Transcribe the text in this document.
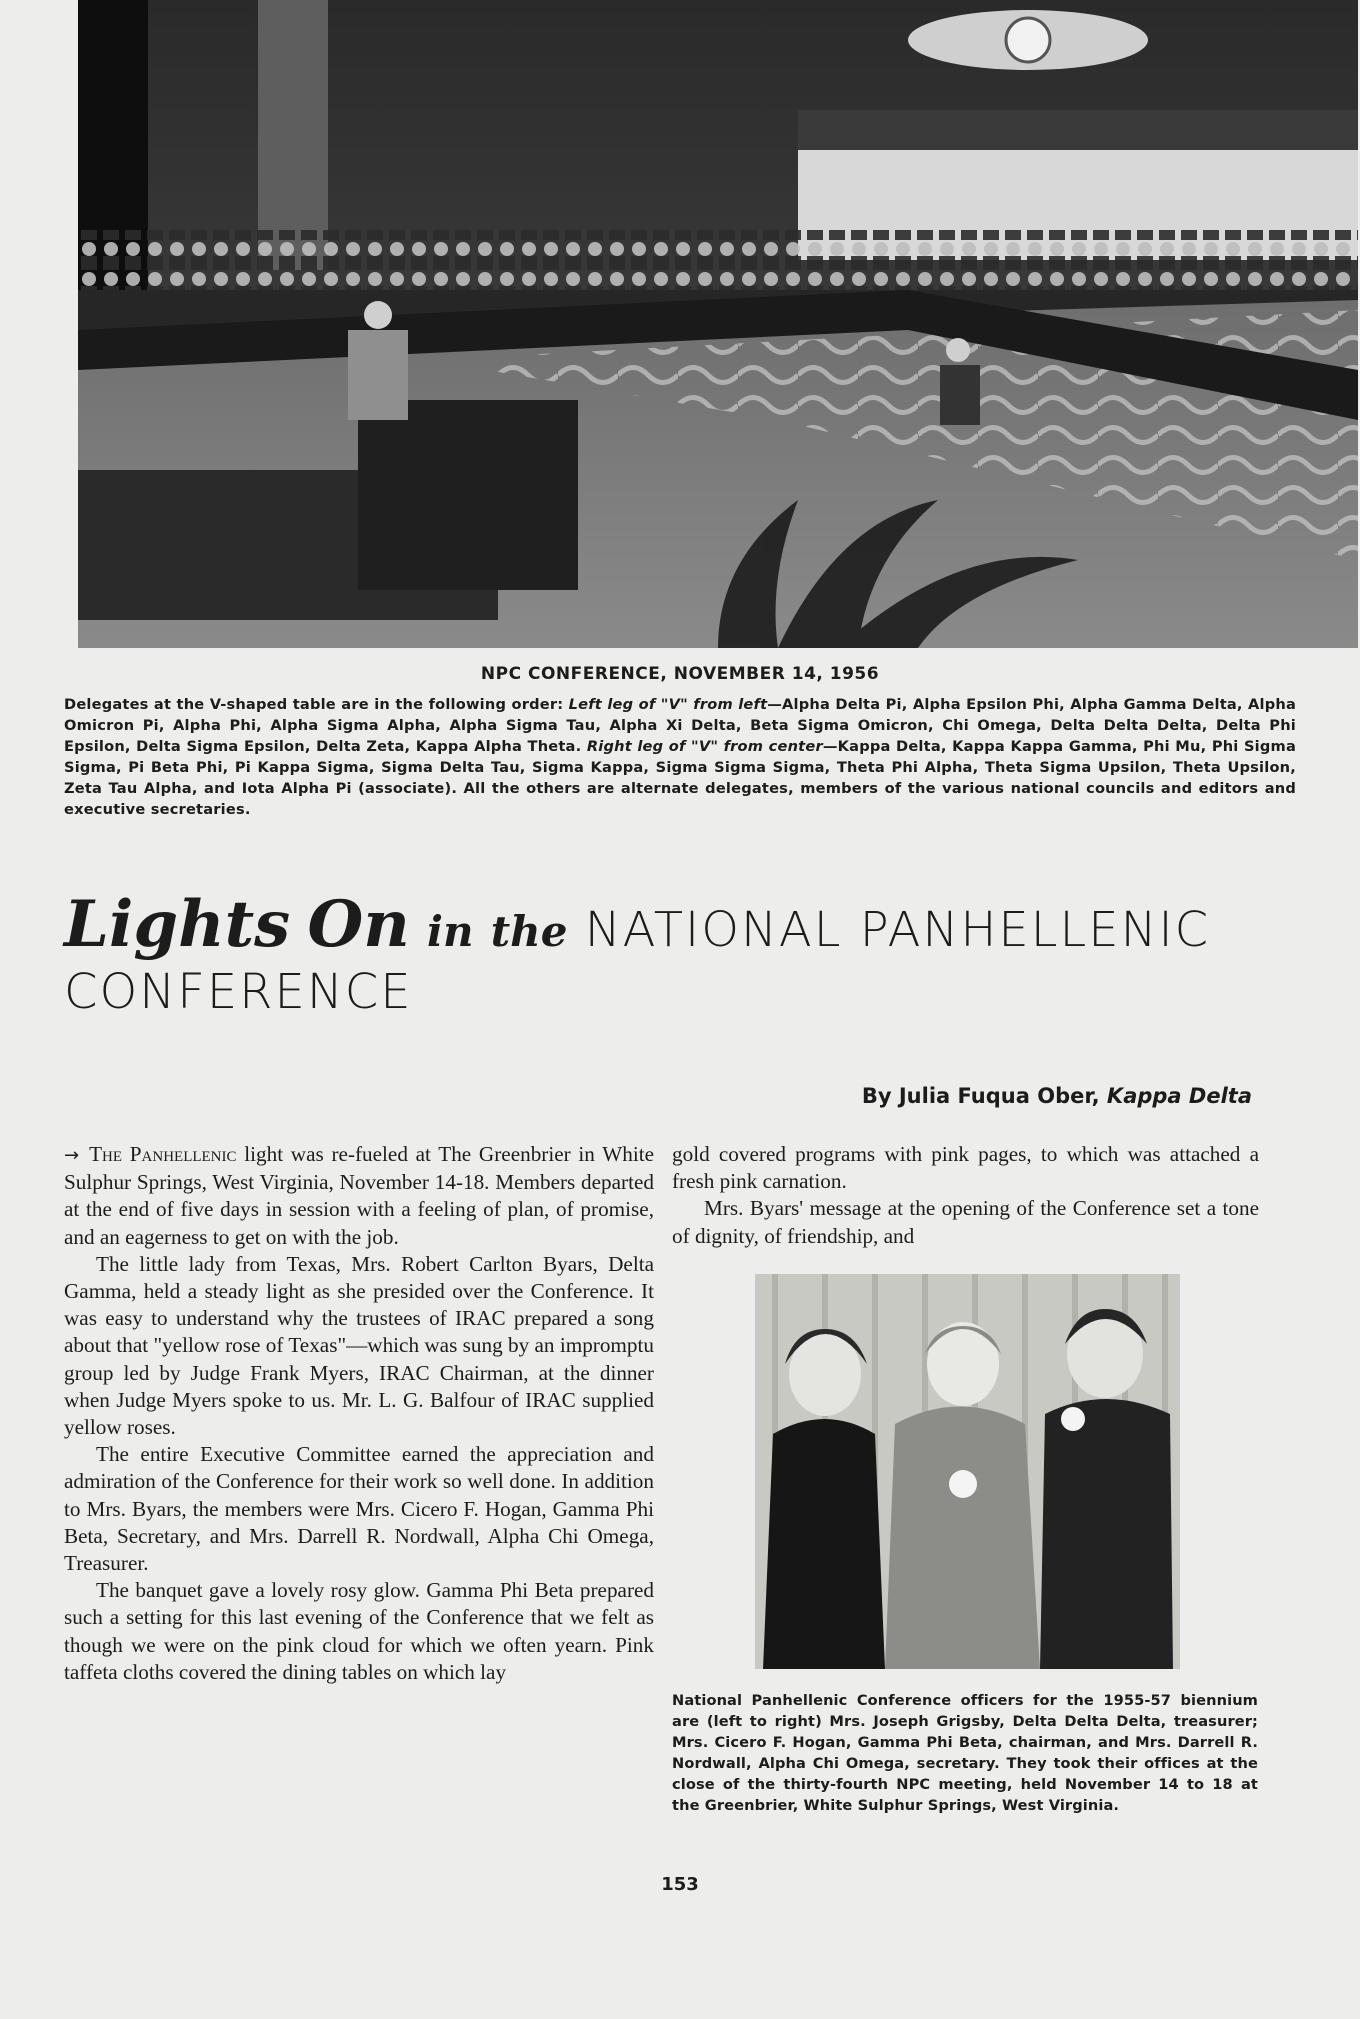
NPC CONFERENCE, NOVEMBER 14, 1956
Delegates at the V-shaped table are in the following order: Left leg of "V" from left—Alpha Delta Pi, Alpha Epsilon Phi, Alpha Gamma Delta, Alpha Omicron Pi, Alpha Phi, Alpha Sigma Alpha, Alpha Sigma Tau, Alpha Xi Delta, Beta Sigma Omicron, Chi Omega, Delta Delta Delta, Delta Phi Epsilon, Delta Sigma Epsilon, Delta Zeta, Kappa Alpha Theta. Right leg of "V" from center—Kappa Delta, Kappa Kappa Gamma, Phi Mu, Phi Sigma Sigma, Pi Beta Phi, Pi Kappa Sigma, Sigma Delta Tau, Sigma Kappa, Sigma Sigma Sigma, Theta Phi Alpha, Theta Sigma Upsilon, Theta Upsilon, Zeta Tau Alpha, and Iota Alpha Pi (associate). All the others are alternate delegates, members of the various national councils and editors and executive secretaries.
Lights On in the NATIONAL PANHELLENIC CONFERENCE
By Julia Fuqua Ober, Kappa Delta

→ The Panhellenic light was re-fueled at The Greenbrier in White Sulphur Springs, West Virginia, November 14-18. Members departed at the end of five days in session with a feeling of plan, of promise, and an eagerness to get on with the job.

The little lady from Texas, Mrs. Robert Carlton Byars, Delta Gamma, held a steady light as she presided over the Conference. It was easy to understand why the trustees of IRAC prepared a song about that "yellow rose of Texas"—which was sung by an impromptu group led by Judge Frank Myers, IRAC Chairman, at the dinner when Judge Myers spoke to us. Mr. L. G. Balfour of IRAC supplied yellow roses.

The entire Executive Committee earned the appreciation and admiration of the Conference for their work so well done. In addition to Mrs. Byars, the members were Mrs. Cicero F. Hogan, Gamma Phi Beta, Secretary, and Mrs. Darrell R. Nordwall, Alpha Chi Omega, Treasurer.

The banquet gave a lovely rosy glow. Gamma Phi Beta prepared such a setting for this last evening of the Conference that we felt as though we were on the pink cloud for which we often yearn. Pink taffeta cloths covered the dining tables on which lay

gold covered programs with pink pages, to which was attached a fresh pink carnation.

Mrs. Byars' message at the opening of the Conference set a tone of dignity, of friendship, and

National Panhellenic Conference officers for the 1955-57 biennium are (left to right) Mrs. Joseph Grigsby, Delta Delta Delta, treasurer; Mrs. Cicero F. Hogan, Gamma Phi Beta, chairman, and Mrs. Darrell R. Nordwall, Alpha Chi Omega, secretary. They took their offices at the close of the thirty-fourth NPC meeting, held November 14 to 18 at the Greenbrier, White Sulphur Springs, West Virginia.
153
